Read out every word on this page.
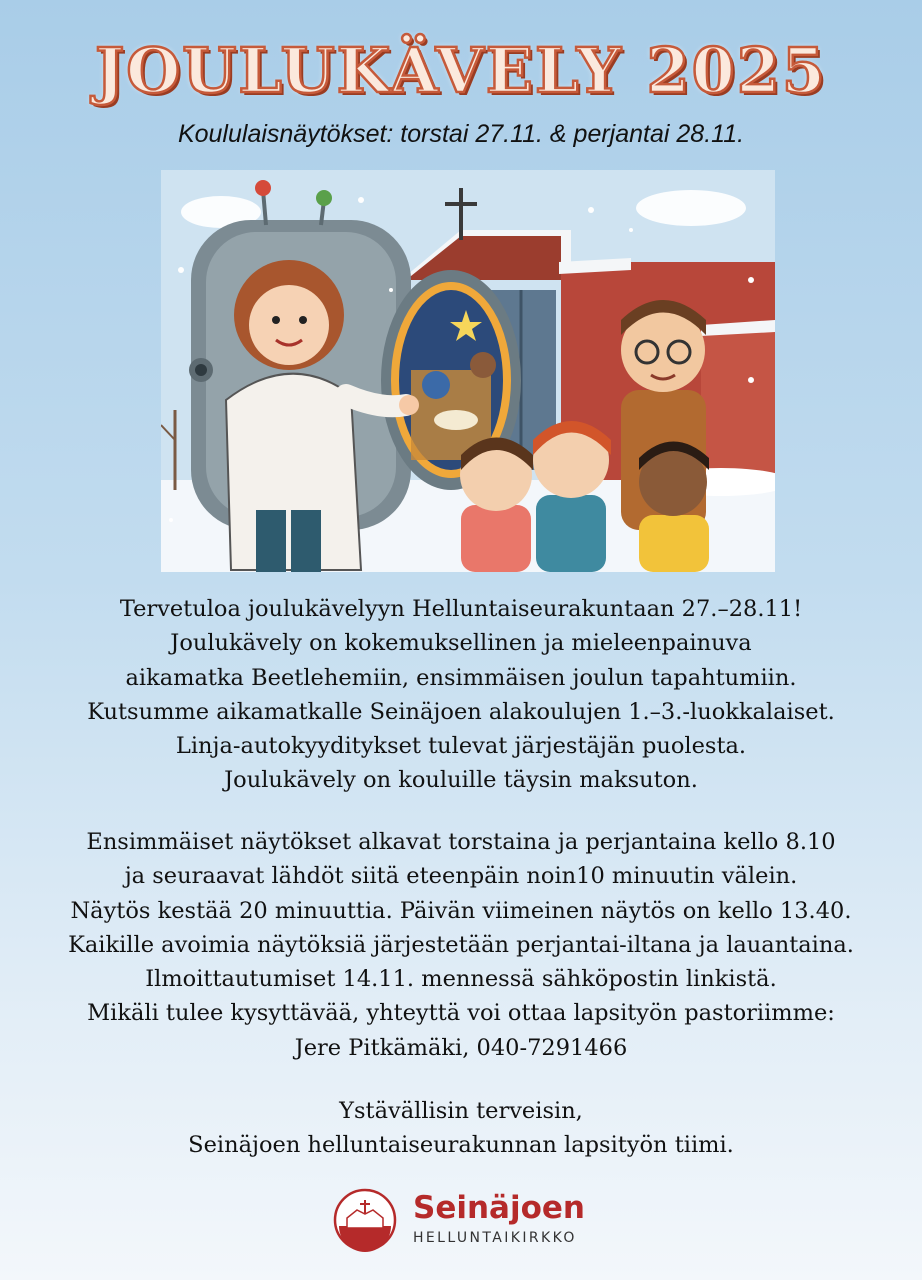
JOULUKÄVELY 2025
Koululaisnäytökset: torstai 27.11. & perjantai 28.11.
Tervetuloa joulukävelyyn Helluntaiseurakuntaan 27.–28.11!
Joulukävely on kokemuksellinen ja mieleenpainuva
aikamatka Beetlehemiin, ensimmäisen joulun tapahtumiin.
Kutsumme aikamatkalle Seinäjoen alakoulujen 1.–3.-luokkalaiset.
Linja-autokyyditykset tulevat järjestäjän puolesta.
Joulukävely on kouluille täysin maksuton.
Ensimmäiset näytökset alkavat torstaina ja perjantaina kello 8.10
ja seuraavat lähdöt siitä eteenpäin noin10 minuutin välein.
Näytös kestää 20 minuuttia. Päivän viimeinen näytös on kello 13.40.
Kaikille avoimia näytöksiä järjestetään perjantai-iltana ja lauantaina.
Ilmoittautumiset 14.11. mennessä sähköpostin linkistä.
Mikäli tulee kysyttävää, yhteyttä voi ottaa lapsityön pastoriimme:
Jere Pitkämäki, 040-7291466
Ystävällisin terveisin,
Seinäjoen helluntaiseurakunnan lapsityön tiimi.
Seinäjoen
HELLUNTAIKIRKKO
